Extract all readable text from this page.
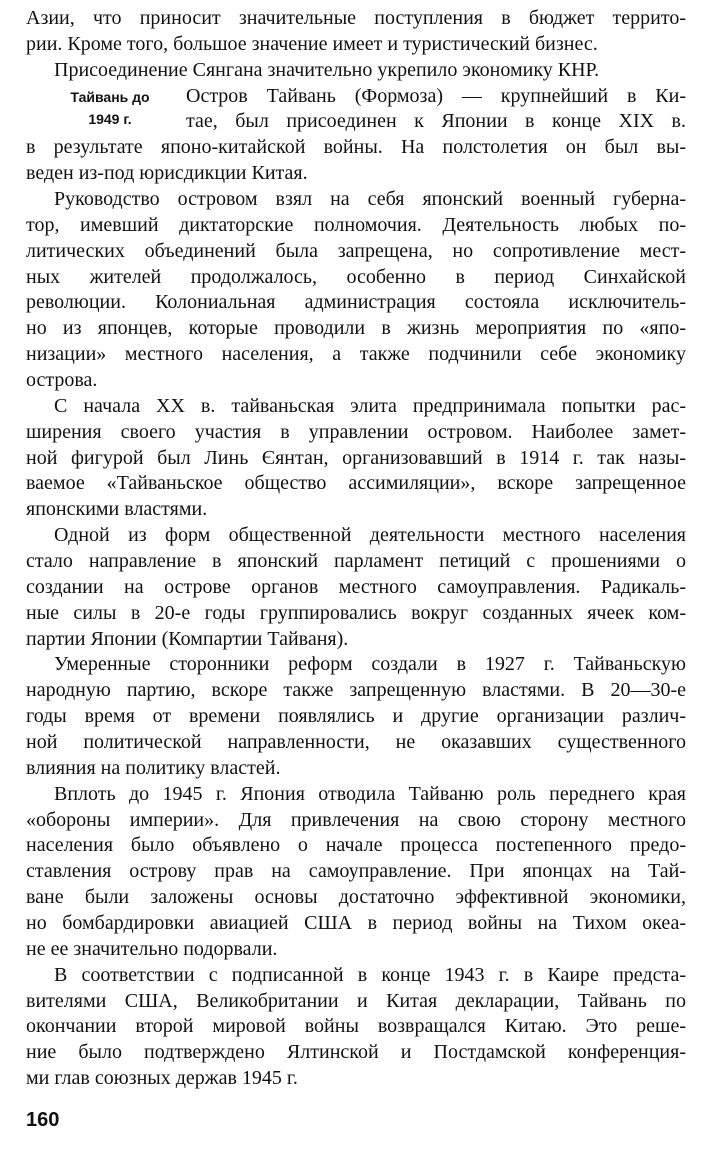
Азии, что приносит значительные поступления в бюджет террито-
рии. Кроме того, большое значение имеет и туристический бизнес.
Присоединение Сянгана значительно укрепило экономику КНР.
Тайвань до
1949 г.
Остров Тайвань (Формоза) — крупнейший в Ки-
тае, был присоединен к Японии в конце XIX в.
в результате японо-китайской войны. На полстолетия он был вы-
веден из-под юрисдикции Китая.
Руководство островом взял на себя японский военный губерна-
тор, имевший диктаторские полномочия. Деятельность любых по-
литических объединений была запрещена, но сопротивление мест-
ных жителей продолжалось, особенно в период Синхайской
революции. Колониальная администрация состояла исключитель-
но из японцев, которые проводили в жизнь мероприятия по «япо-
низации» местного населения, а также подчинили себе экономику
острова.
С начала XX в. тайваньская элита предпринимала попытки рас-
ширения своего участия в управлении островом. Наиболее замет-
ной фигурой был Линь Єянтан, организовавший в 1914 г. так назы-
ваемое «Тайваньское общество ассимиляции», вскоре запрещенное
японскими властями.
Одной из форм общественной деятельности местного населения
стало направление в японский парламент петиций с прошениями о
создании на острове органов местного самоуправления. Радикаль-
ные силы в 20-е годы группировались вокруг созданных ячеек ком-
партии Японии (Компартии Тайваня).
Умеренные сторонники реформ создали в 1927 г. Тайваньскую
народную партию, вскоре также запрещенную властями. В 20—30-е
годы время от времени появлялись и другие организации различ-
ной политической направленности, не оказавших существенного
влияния на политику властей.
Вплоть до 1945 г. Япония отводила Тайваню роль переднего края
«обороны империи». Для привлечения на свою сторону местного
населения было объявлено о начале процесса постепенного предо-
ставления острову прав на самоуправление. При японцах на Тай-
ване были заложены основы достаточно эффективной экономики,
но бомбардировки авиацией США в период войны на Тихом океа-
не ее значительно подорвали.
В соответствии с подписанной в конце 1943 г. в Каире предста-
вителями США, Великобритании и Китая декларации, Тайвань по
окончании второй мировой войны возвращался Китаю. Это реше-
ние было подтверждено Ялтинской и Постдамской конференция-
ми глав союзных держав 1945 г.
160
